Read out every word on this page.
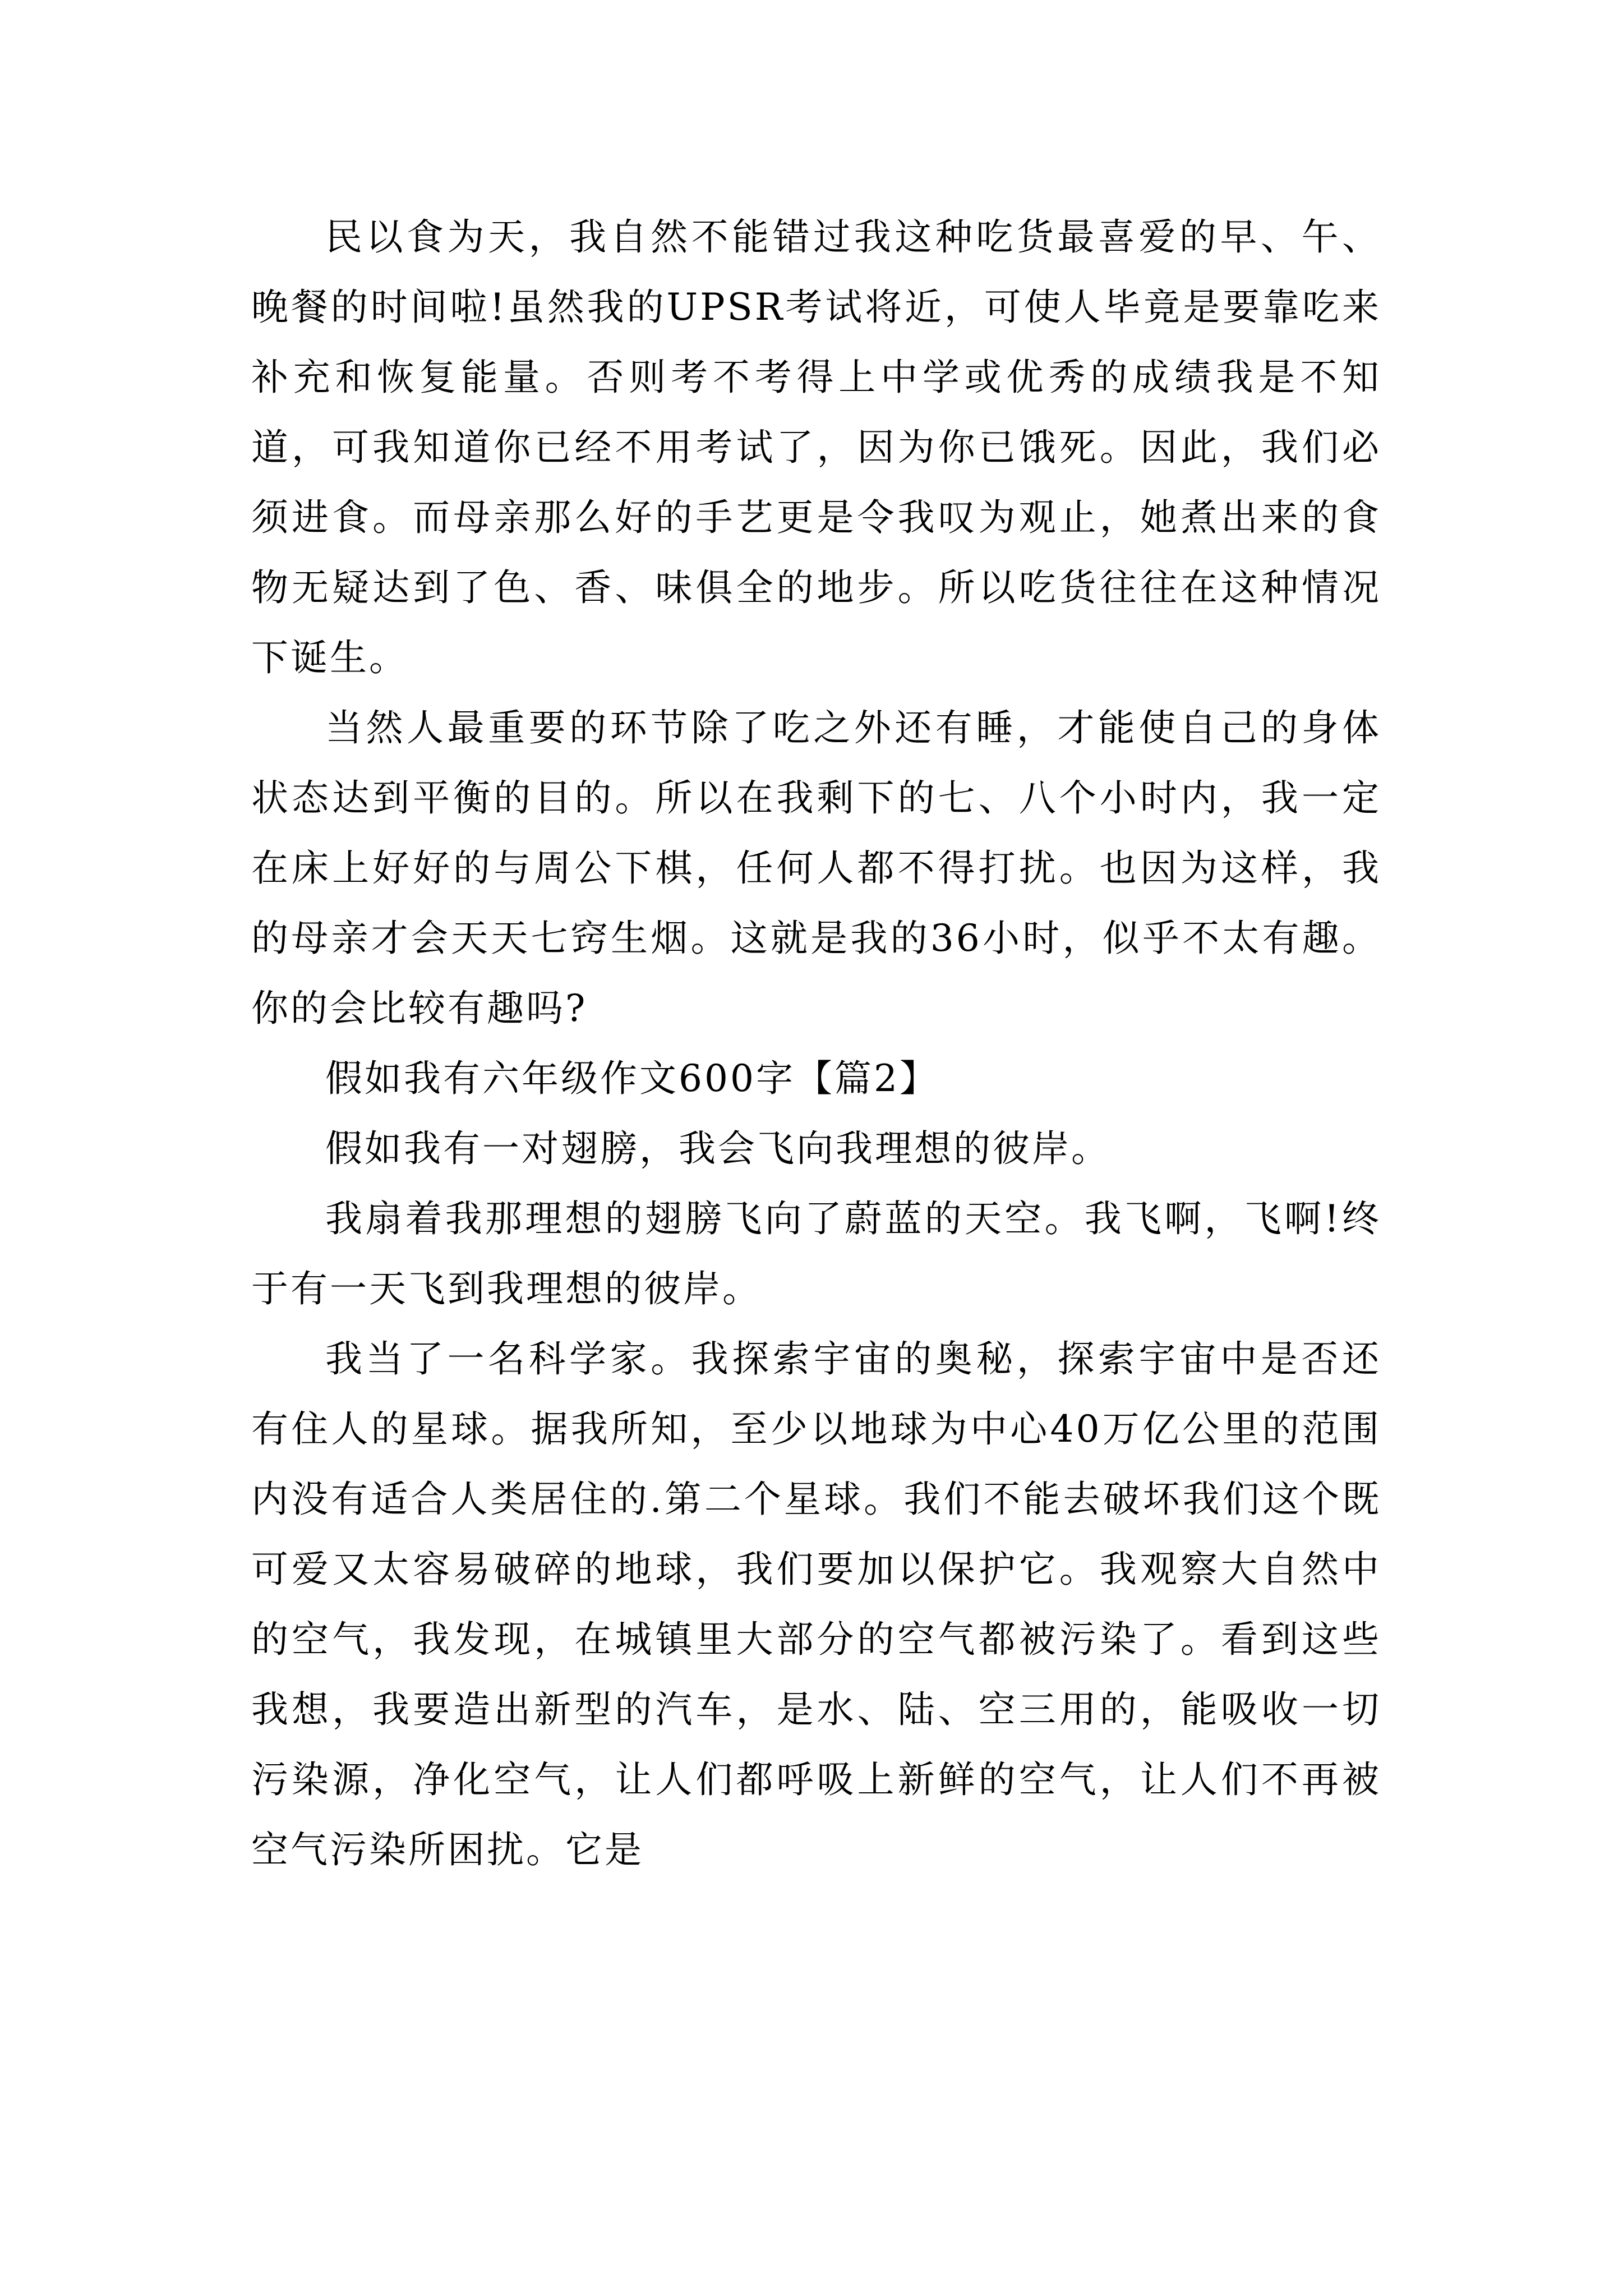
民以食为天，我自然不能错过我这种吃货最喜爱的早、午、晚餐的时间啦!虽然我的UPSR考试将近，可使人毕竟是要靠吃来补充和恢复能量。否则考不考得上中学或优秀的成绩我是不知道，可我知道你已经不用考试了，因为你已饿死。因此，我们必须进食。而母亲那么好的手艺更是令我叹为观止，她煮出来的食物无疑达到了色、香、味俱全的地步。所以吃货往往在这种情况下诞生。

当然人最重要的环节除了吃之外还有睡，才能使自己的身体状态达到平衡的目的。所以在我剩下的七、八个小时内，我一定在床上好好的与周公下棋，任何人都不得打扰。也因为这样，我的母亲才会天天七窍生烟。这就是我的36小时，似乎不太有趣。你的会比较有趣吗?

假如我有六年级作文600字【篇2】

假如我有一对翅膀，我会飞向我理想的彼岸。

我扇着我那理想的翅膀飞向了蔚蓝的天空。我飞啊，飞啊!终于有一天飞到我理想的彼岸。

我当了一名科学家。我探索宇宙的奥秘，探索宇宙中是否还有住人的星球。据我所知，至少以地球为中心40万亿公里的范围内没有适合人类居住的.第二个星球。我们不能去破坏我们这个既可爱又太容易破碎的地球，我们要加以保护它。我观察大自然中的空气，我发现，在城镇里大部分的空气都被污染了。看到这些我想，我要造出新型的汽车，是水、陆、空三用的，能吸收一切污染源，净化空气，让人们都呼吸上新鲜的空气，让人们不再被空气污染所困扰。它是
